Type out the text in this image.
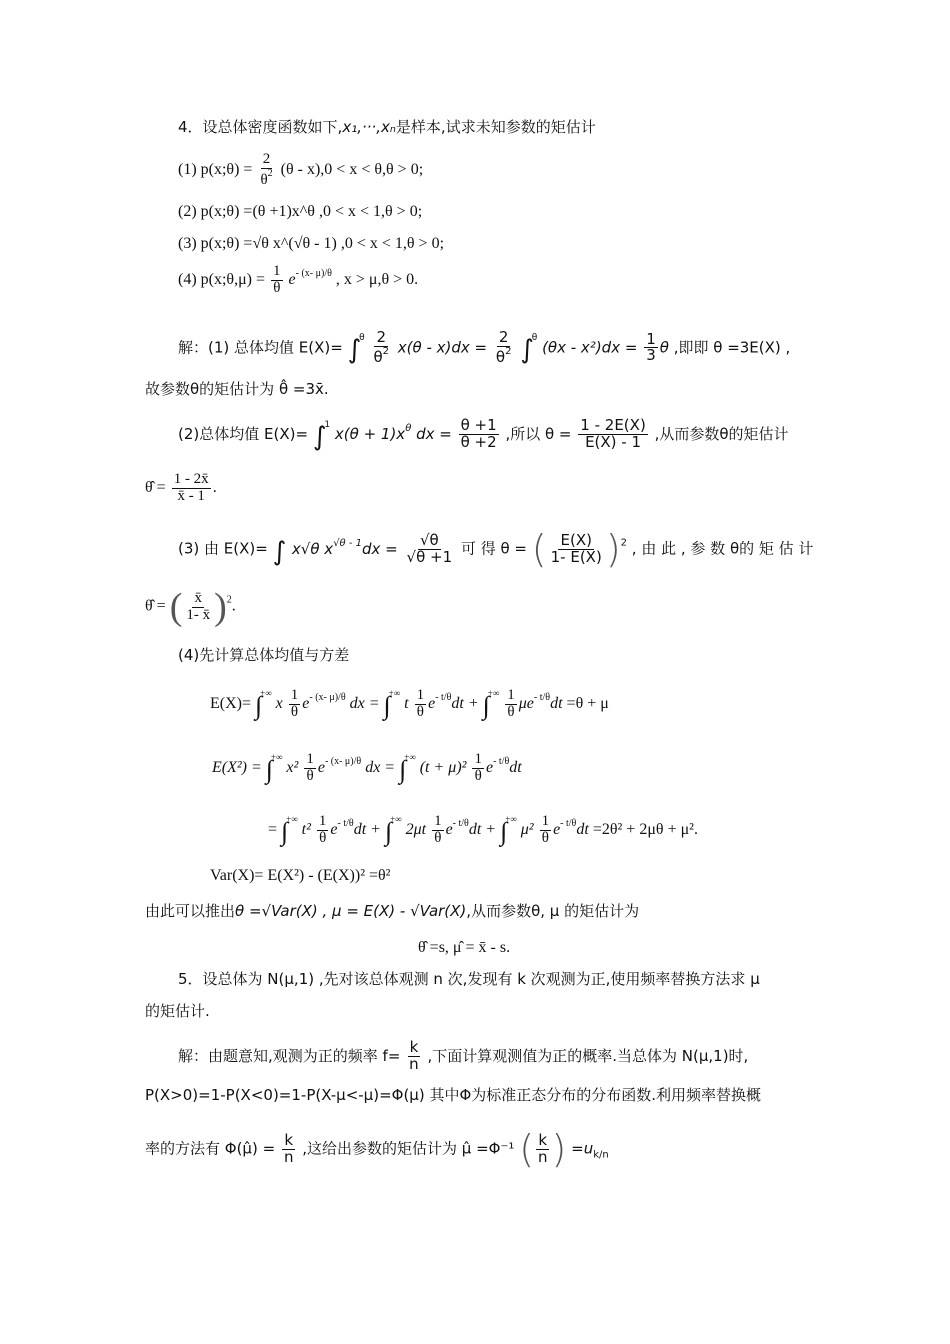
4．设总体密度函数如下,x₁,···,xₙ是样本,试求未知参数的矩估计
(1) p(x;θ) = $\frac{2}{\theta^2} (\theta - x),0 < x < \theta,\theta > 0$;
(2) p(x;θ) =(θ +1)x^θ ,0 < x < 1,θ > 0;
(3) p(x;θ) =√θ x^(√θ - 1) ,0 < x < 1,θ > 0;
(4) p(x;θ,μ) = $\frac{1}{\theta} e^{- (x- \mu)/\theta}$ , x > μ,θ > 0.
解：(1) 总体均值 $E(X)= \int^\theta \frac{2}{\theta^2} x(\theta - x)dx = \frac{2}{\theta^2} \int^\theta$ $(\theta x - x^2)dx = \frac{1}{3}$ θ ,即即 θ =3E(X) ,
故参数θ的矩估计为 θ̂ =3x̄.
(2)总体均值 E(X)= ∫$^1$ $x(\theta + 1)x^\theta$ dx = $\frac{\theta +1}{\theta +2}$ ,所以 $\theta = \frac{1 - 2E(X)}{E(X) - 1}$ ,从而参数θ的矩估计
θ̂ = $\frac{1 - 2x̄}{x̄ - 1}$ .
(3) 由 E(X)= ∫ x√θ $x^{√\theta - 1}dx = \frac{√\theta}{√\theta +1}$ 可 得 θ = ( $\frac{E(X)}{1- E(X)}$ ) $^2$ , 由 此 , 参 数 θ的 矩 估 计
θ̂ = ( $\frac{x̄}{1- x̄}$ ) $^2$.
(4)先计算总体均值与方差
E(X)= ∫+∞ x $\frac{1}{\theta} e^{- (x- \mu)/\theta}$ dx = ∫+∞ t $\frac{1}{\theta} e^{- t/\theta}dt + \int^{+\infty} \frac{1}{\theta} \mu e^{- t/\theta}dt =\theta + \mu$
E(X²) = ∫+∞ $x^2 \frac{1}{\theta} e^{- (x- \mu)/\theta}$ dx = ∫+∞ $(t + \mu)^2 \frac{1}{\theta} e^{- t/\theta}dt$
= ∫+∞ $t^2 \frac{1}{\theta} e^{- t/\theta}dt + \int^{+\infty}$ $2\mu t \frac{1}{\theta} e^{- t/\theta}dt + \int^{+\infty}$ $\mu^2 \frac{1}{\theta} e^{- t/\theta}dt =2\theta^2 + 2\mu\theta + \mu^2$.
Var(X)= E(X²) - (E(X))² =θ²
由此可以推出θ =√Var(X) , μ = E(X) - √Var(X),从而参数θ, μ 的矩估计为
θ̂ =s, μ̂ = x̄ - s.
5．设总体为 N(μ,1) ,先对该总体观测 n 次,发现有 k 次观测为正,使用频率替换方法求 μ
的矩估计.
解：由题意知,观测为正的频率 $f= \frac{k}{n}$ ,下面计算观测值为正的概率.当总体为 N(μ,1)时,
P(X>0)=1-P(X<0)=1-P(X-μ<-μ)=Φ(μ) 其中Φ为标准正态分布的分布函数.利用频率替换概
率的方法有 Φ(μ̂) = $\frac{k}{n}$ ,这给出参数的矩估计为 μ̂ =Φ⁻¹ ( $\frac{k}{n}$ ) $=u_{k/n}$
